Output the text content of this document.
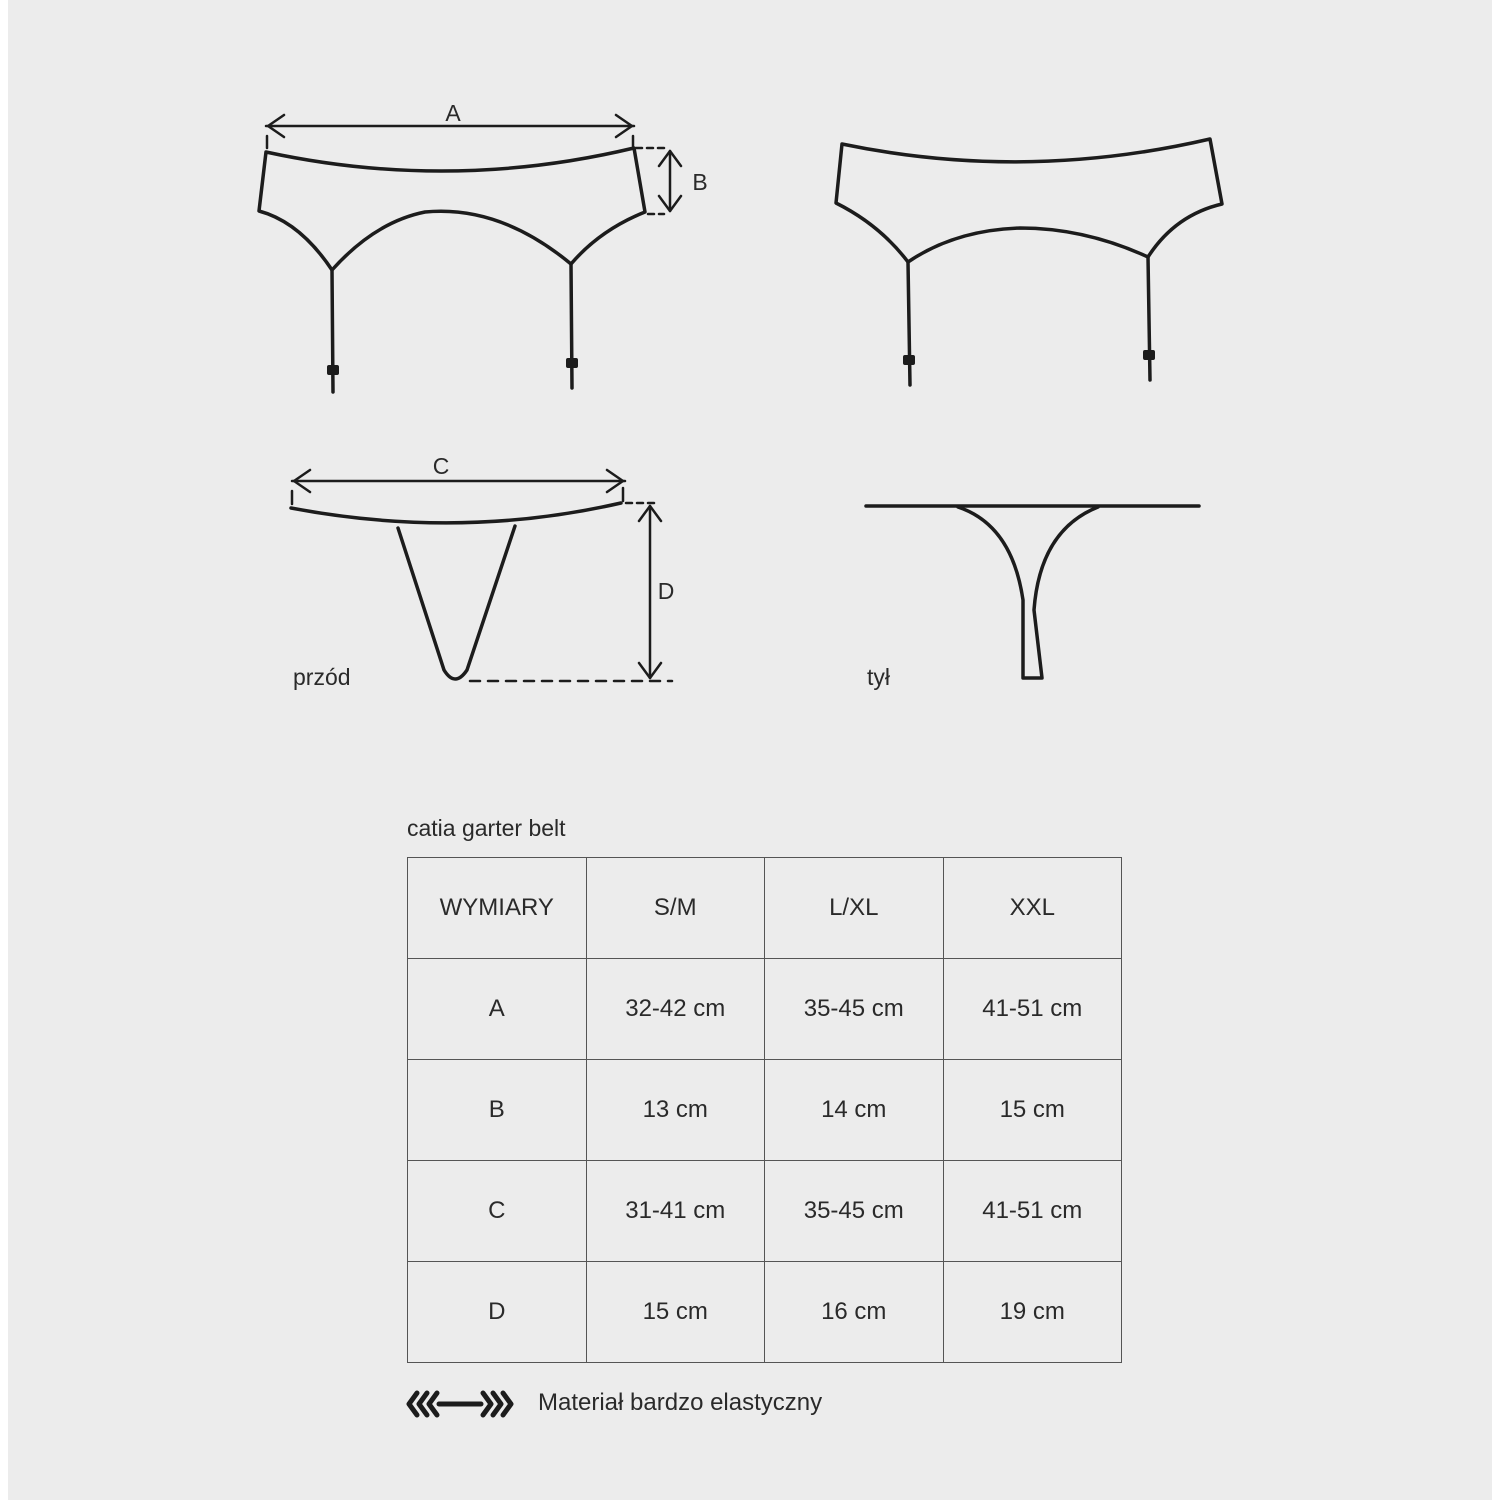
A
B
C
D
przód	tył
catia garter belt
WYMIARY	S/M	L/XL	XXL
A	32-42 cm	35-45 cm	41-51 cm
B	13 cm	14 cm	15 cm
C	31-41 cm	35-45 cm	41-51 cm
D	15 cm	16 cm	19 cm
Materiał bardzo elastyczny
